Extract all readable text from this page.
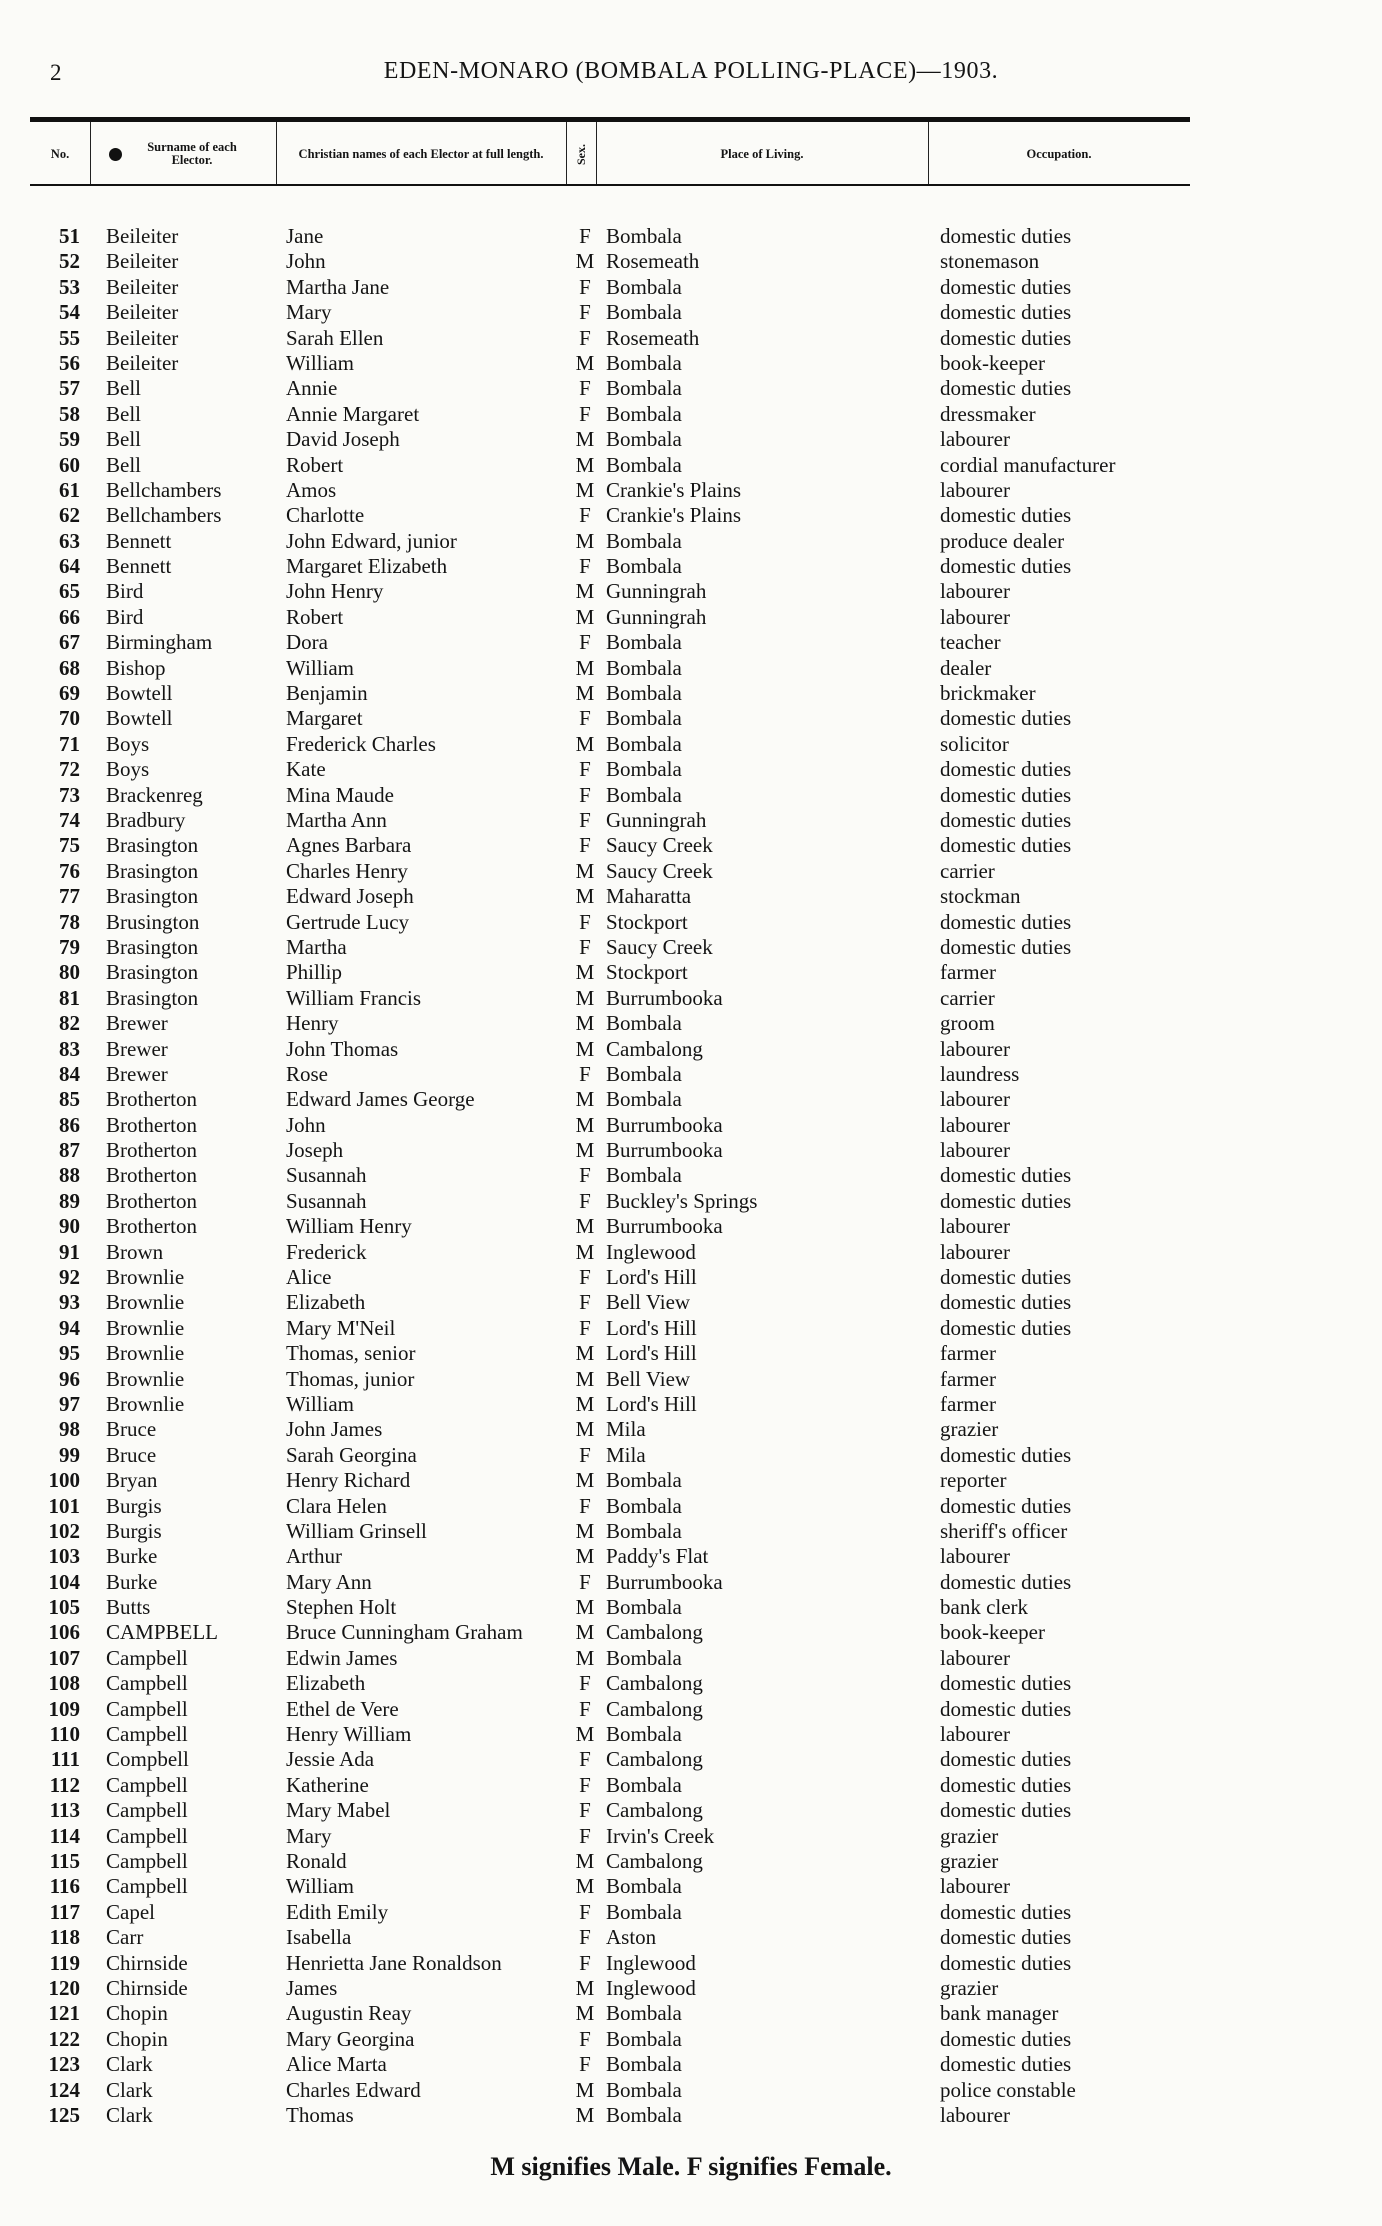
2	EDEN-MONARO (BOMBALA POLLING-PLACE)—1903.
No.	Surname of each Elector.	Christian names of each Elector at full length.	Sex.	Place of Living.	Occupation.
51 Beileiter	Jane	F Bombala	domestic duties
52 Beileiter	John	M Rosemeath	stonemason
53 Beileiter	Martha Jane	F Bombala	domestic duties
54 Beileiter	Mary	F Bombala	domestic duties
55 Beileiter	Sarah Ellen	F Rosemeath	domestic duties
56 Beileiter	William	M Bombala	book-keeper
57 Bell	Annie	F Bombala	domestic duties
58 Bell	Annie Margaret	F Bombala	dressmaker
59 Bell	David Joseph	M Bombala	labourer
60 Bell	Robert	M Bombala	cordial manufacturer
61 Bellchambers	Amos	M Crankie's Plains	labourer
62 Bellchambers	Charlotte	F Crankie's Plains	domestic duties
63 Bennett	John Edward, junior	M Bombala	produce dealer
64 Bennett	Margaret Elizabeth	F Bombala	domestic duties
65 Bird	John Henry	M Gunningrah	labourer
66 Bird	Robert	M Gunningrah	labourer
67 Birmingham	Dora	F Bombala	teacher
68 Bishop	William	M Bombala	dealer
69 Bowtell	Benjamin	M Bombala	brickmaker
70 Bowtell	Margaret	F Bombala	domestic duties
71 Boys	Frederick Charles	M Bombala	solicitor
72 Boys	Kate	F Bombala	domestic duties
73 Brackenreg	Mina Maude	F Bombala	domestic duties
74 Bradbury	Martha Ann	F Gunningrah	domestic duties
75 Brasington	Agnes Barbara	F Saucy Creek	domestic duties
76 Brasington	Charles Henry	M Saucy Creek	carrier
77 Brasington	Edward Joseph	M Maharatta	stockman
78 Brusington	Gertrude Lucy	F Stockport	domestic duties
79 Brasington	Martha	F Saucy Creek	domestic duties
80 Brasington	Phillip	M Stockport	farmer
81 Brasington	William Francis	M Burrumbooka	carrier
82 Brewer	Henry	M Bombala	groom
83 Brewer	John Thomas	M Cambalong	labourer
84 Brewer	Rose	F Bombala	laundress
85 Brotherton	Edward James George	M Bombala	labourer
86 Brotherton	John	M Burrumbooka	labourer
87 Brotherton	Joseph	M Burrumbooka	labourer
88 Brotherton	Susannah	F Bombala	domestic duties
89 Brotherton	Susannah	F Buckley's Springs	domestic duties
90 Brotherton	William Henry	M Burrumbooka	labourer
91 Brown	Frederick	M Inglewood	labourer
92 Brownlie	Alice	F Lord's Hill	domestic duties
93 Brownlie	Elizabeth	F Bell View	domestic duties
94 Brownlie	Mary M'Neil	F Lord's Hill	domestic duties
95 Brownlie	Thomas, senior	M Lord's Hill	farmer
96 Brownlie	Thomas, junior	M Bell View	farmer
97 Brownlie	William	M Lord's Hill	farmer
98 Bruce	John James	M Mila	grazier
99 Bruce	Sarah Georgina	F Mila	domestic duties
100 Bryan	Henry Richard	M Bombala	reporter
101 Burgis	Clara Helen	F Bombala	domestic duties
102 Burgis	William Grinsell	M Bombala	sheriff's officer
103 Burke	Arthur	M Paddy's Flat	labourer
104 Burke	Mary Ann	F Burrumbooka	domestic duties
105 Butts	Stephen Holt	M Bombala	bank clerk
106 CAMPBELL	Bruce Cunningham Graham	M Cambalong	book-keeper
107 Campbell	Edwin James	M Bombala	labourer
108 Campbell	Elizabeth	F Cambalong	domestic duties
109 Campbell	Ethel de Vere	F Cambalong	domestic duties
110 Campbell	Henry William	M Bombala	labourer
111 Compbell	Jessie Ada	F Cambalong	domestic duties
112 Campbell	Katherine	F Bombala	domestic duties
113 Campbell	Mary Mabel	F Cambalong	domestic duties
114 Campbell	Mary	F Irvin's Creek	grazier
115 Campbell	Ronald	M Cambalong	grazier
116 Campbell	William	M Bombala	labourer
117 Capel	Edith Emily	F Bombala	domestic duties
118 Carr	Isabella	F Aston	domestic duties
119 Chirnside	Henrietta Jane Ronaldson	F Inglewood	domestic duties
120 Chirnside	James	M Inglewood	grazier
121 Chopin	Augustin Reay	M Bombala	bank manager
122 Chopin	Mary Georgina	F Bombala	domestic duties
123 Clark	Alice Marta	F Bombala	domestic duties
124 Clark	Charles Edward	M Bombala	police constable
125 Clark	Thomas	M Bombala	labourer
M signifies Male. F signifies Female.
